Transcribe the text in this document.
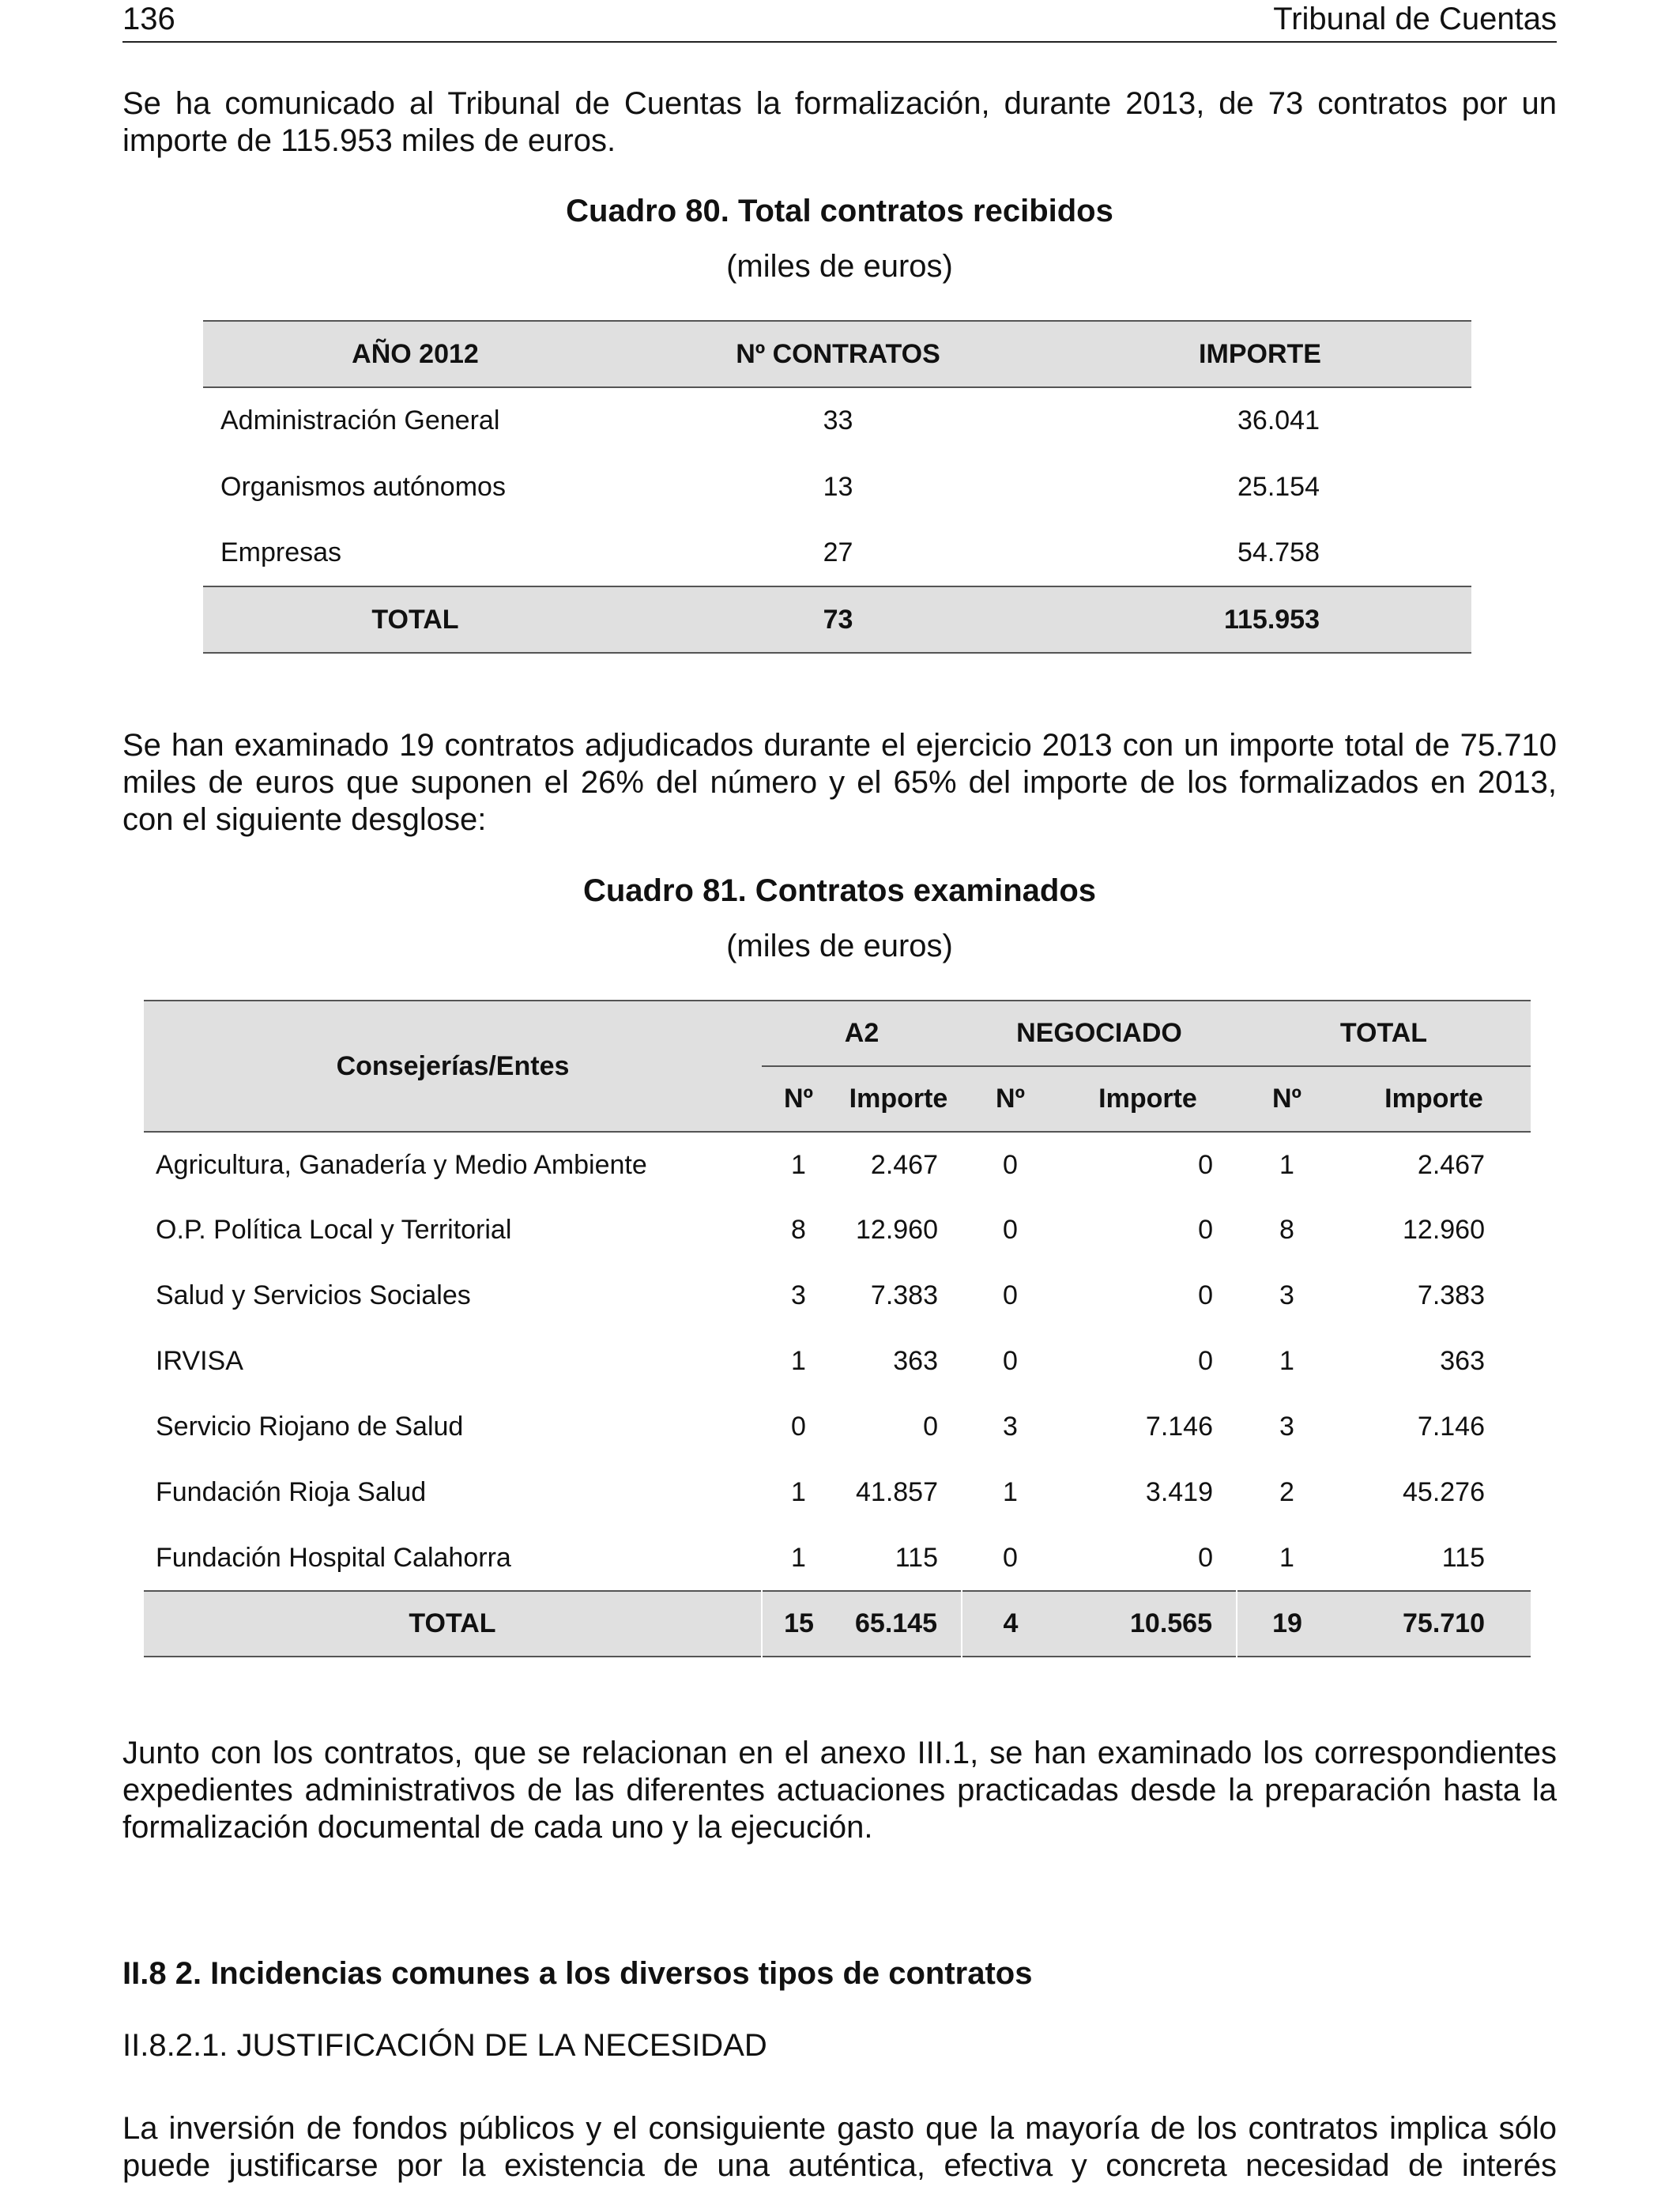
136	Tribunal de Cuentas

Se ha comunicado al Tribunal de Cuentas la formalización, durante 2013, de 73 contratos por un importe de 115.953 miles de euros.

Cuadro 80. Total contratos recibidos
(miles de euros)
AÑO 2012	Nº CONTRATOS	IMPORTE
Administración General	33	36.041
Organismos autónomos	13	25.154
Empresas	27	54.758
TOTAL	73	115.953

Se han examinado 19 contratos adjudicados durante el ejercicio 2013 con un importe total de 75.710 miles de euros que suponen el 26% del número y el 65% del importe de los formalizados en 2013, con el siguiente desglose:

Cuadro 81. Contratos examinados
(miles de euros)
Consejerías/Entes	A2		NEGOCIADO		TOTAL	
	Nº	Importe	Nº	Importe	Nº	Importe
Agricultura, Ganadería y Medio Ambiente	1	2.467	0	0	1	2.467
O.P. Política Local y Territorial	8	12.960	0	0	8	12.960
Salud y Servicios Sociales	3	7.383	0	0	3	7.383
IRVISA	1	363	0	0	1	363
Servicio Riojano de Salud	0	0	3	7.146	3	7.146
Fundación Rioja Salud	1	41.857	1	3.419	2	45.276
Fundación Hospital Calahorra	1	115	0	0	1	115
TOTAL	15	65.145	4	10.565	19	75.710

Junto con los contratos, que se relacionan en el anexo III.1, se han examinado los correspondientes expedientes administrativos de las diferentes actuaciones practicadas desde la preparación hasta la formalización documental de cada uno y la ejecución.

II.8 2. Incidencias comunes a los diversos tipos de contratos
II.8.2.1. JUSTIFICACIÓN DE LA NECESIDAD

La inversión de fondos públicos y el consiguiente gasto que la mayoría de los contratos implica sólo puede justificarse por la existencia de una auténtica, efectiva y concreta necesidad de interés
